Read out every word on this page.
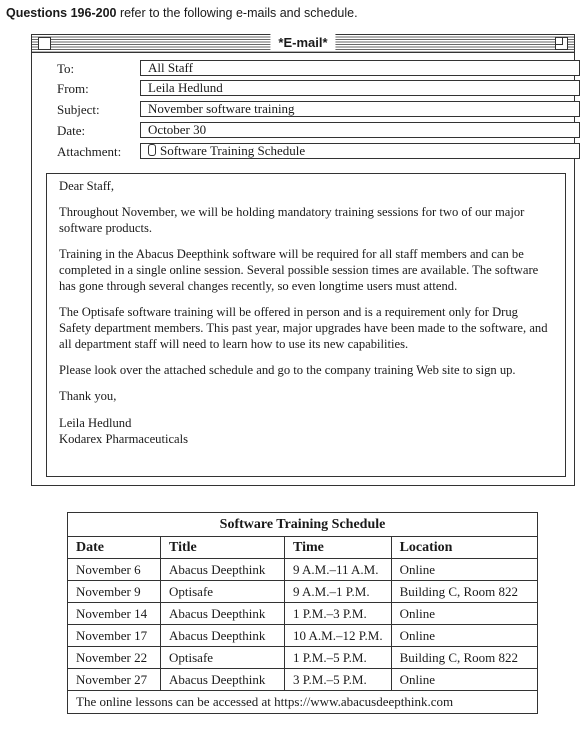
Questions 196-200 refer to the following e-mails and schedule.
*E-mail*
To:	All Staff
From:	Leila Hedlund
Subject:	November software training
Date:	October 30
Attachment:	Software Training Schedule

Dear Staff,

Throughout November, we will be holding mandatory training sessions for two of our major software products.

Training in the Abacus Deepthink software will be required for all staff members and can be completed in a single online session. Several possible session times are available. The software has gone through several changes recently, so even longtime users must attend.

The Optisafe software training will be offered in person and is a requirement only for Drug Safety department members. This past year, major upgrades have been made to the software, and all department staff will need to learn how to use its new capabilities.

Please look over the attached schedule and go to the company training Web site to sign up.

Thank you,

Leila Hedlund

Kodarex Pharmaceuticals

Software Training Schedule			
Date	Title	Time	Location
November 6	Abacus Deepthink	9 A.M.–11 A.M.	Online
November 9	Optisafe	9 A.M.–1 P.M.	Building C, Room 822
November 14	Abacus Deepthink	1 P.M.–3 P.M.	Online
November 17	Abacus Deepthink	10 A.M.–12 P.M.	Online
November 22	Optisafe	1 P.M.–5 P.M.	Building C, Room 822
November 27	Abacus Deepthink	3 P.M.–5 P.M.	Online
The online lessons can be accessed at https://www.abacusdeepthink.com			
